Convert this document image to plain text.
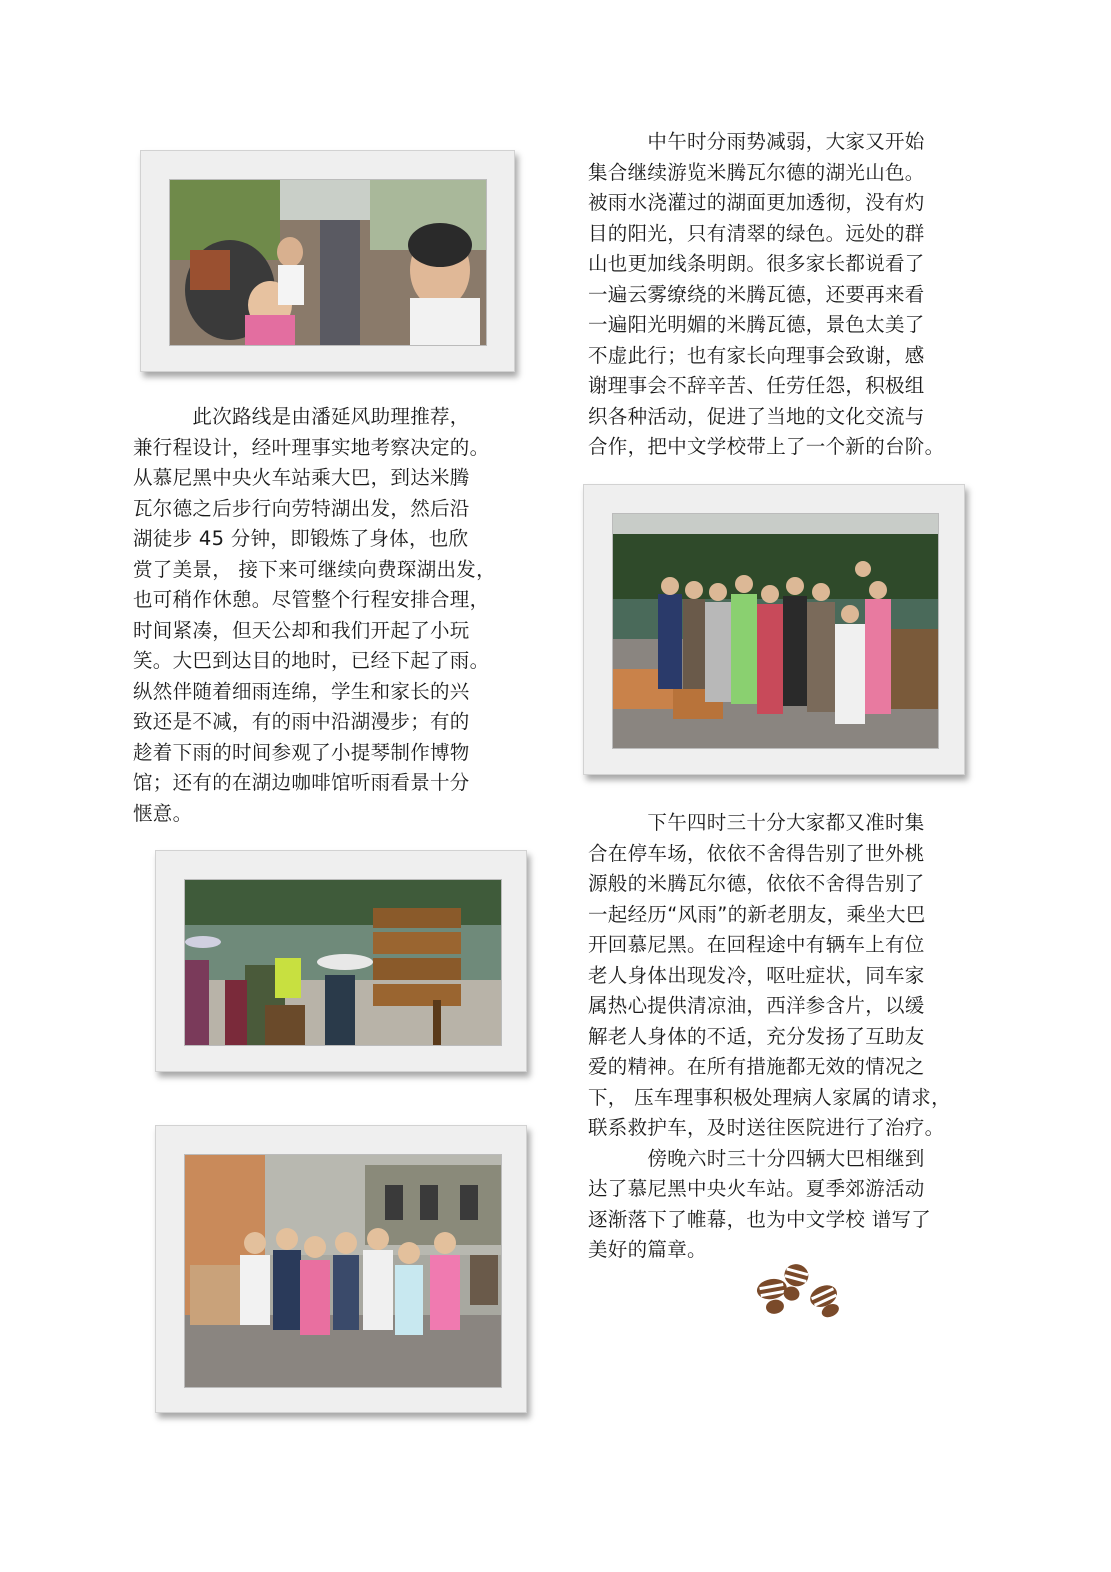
　　　此次路线是由潘延风助理推荐，
兼行程设计，经叶理事实地考察决定的。
从慕尼黑中央火车站乘大巴，到达米腾
瓦尔德之后步行向劳特湖出发，然后沿
湖徒步 45 分钟，即锻炼了身体，也欣
赏了美景， 接下来可继续向费琛湖出发，
也可稍作休憩。尽管整个行程安排合理，
时间紧凑，但天公却和我们开起了小玩
笑。大巴到达目的地时，已经下起了雨。
纵然伴随着细雨连绵，学生和家长的兴
致还是不减，有的雨中沿湖漫步；有的
趁着下雨的时间参观了小提琴制作博物
馆；还有的在湖边咖啡馆听雨看景十分
惬意。
　　　中午时分雨势减弱，大家又开始
集合继续游览米腾瓦尔德的湖光山色。
被雨水浇灌过的湖面更加透彻，没有灼
目的阳光，只有清翠的绿色。远处的群
山也更加线条明朗。很多家长都说看了
一遍云雾缭绕的米腾瓦德，还要再来看
一遍阳光明媚的米腾瓦德，景色太美了
不虚此行；也有家长向理事会致谢，感
谢理事会不辞辛苦、任劳任怨，积极组
织各种活动，促进了当地的文化交流与
合作，把中文学校带上了一个新的台阶。
　　　下午四时三十分大家都又准时集
合在停车场，依依不舍得告别了世外桃
源般的米腾瓦尔德，依依不舍得告别了
一起经历“风雨”的新老朋友，乘坐大巴
开回慕尼黑。在回程途中有辆车上有位
老人身体出现发冷，呕吐症状，同车家
属热心提供清凉油，西洋参含片，以缓
解老人身体的不适，充分发扬了互助友
爱的精神。在所有措施都无效的情况之
下， 压车理事积极处理病人家属的请求，
联系救护车，及时送往医院进行了治疗。
　　　傍晚六时三十分四辆大巴相继到
达了慕尼黑中央火车站。夏季郊游活动
逐渐落下了帷幕，也为中文学校 谱写了
美好的篇章。
